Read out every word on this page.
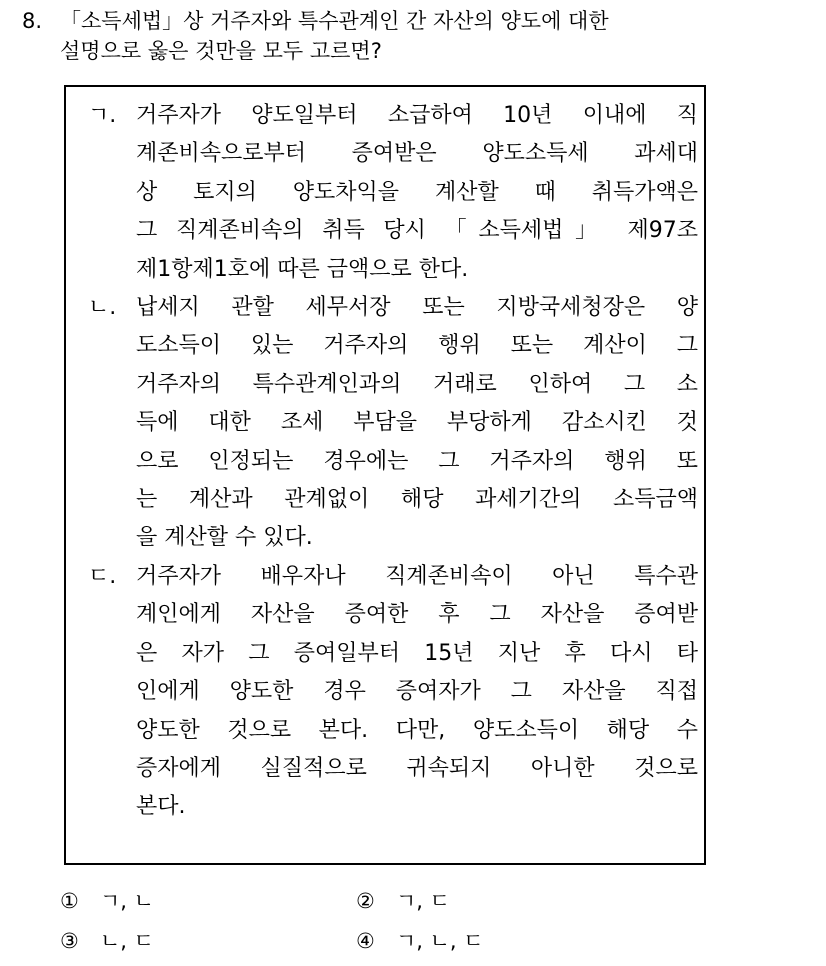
8. 「소득세법」상 거주자와 특수관계인 간 자산의 양도에 대한
설명으로 옳은 것만을 모두 고르면?
ㄱ. 거주자가 양도일부터 소급하여 10년 이내에 직
계존비속으로부터 증여받은 양도소득세 과세대
상 토지의 양도차익을 계산할 때 취득가액은
그 직계존비속의 취득 당시 「소득세법」 제97조
제1항제1호에 따른 금액으로 한다.
ㄴ. 납세지 관할 세무서장 또는 지방국세청장은 양
도소득이 있는 거주자의 행위 또는 계산이 그
거주자의 특수관계인과의 거래로 인하여 그 소
득에 대한 조세 부담을 부당하게 감소시킨 것
으로 인정되는 경우에는 그 거주자의 행위 또
는 계산과 관계없이 해당 과세기간의 소득금액
을 계산할 수 있다.
ㄷ. 거주자가 배우자나 직계존비속이 아닌 특수관
계인에게 자산을 증여한 후 그 자산을 증여받
은 자가 그 증여일부터 15년 지난 후 다시 타
인에게 양도한 경우 증여자가 그 자산을 직접
양도한 것으로 본다. 다만, 양도소득이 해당 수
증자에게 실질적으로 귀속되지 아니한 것으로
본다.
①	ㄱ, ㄴ	②	ㄱ, ㄷ
③	ㄴ, ㄷ	④	ㄱ, ㄴ, ㄷ
